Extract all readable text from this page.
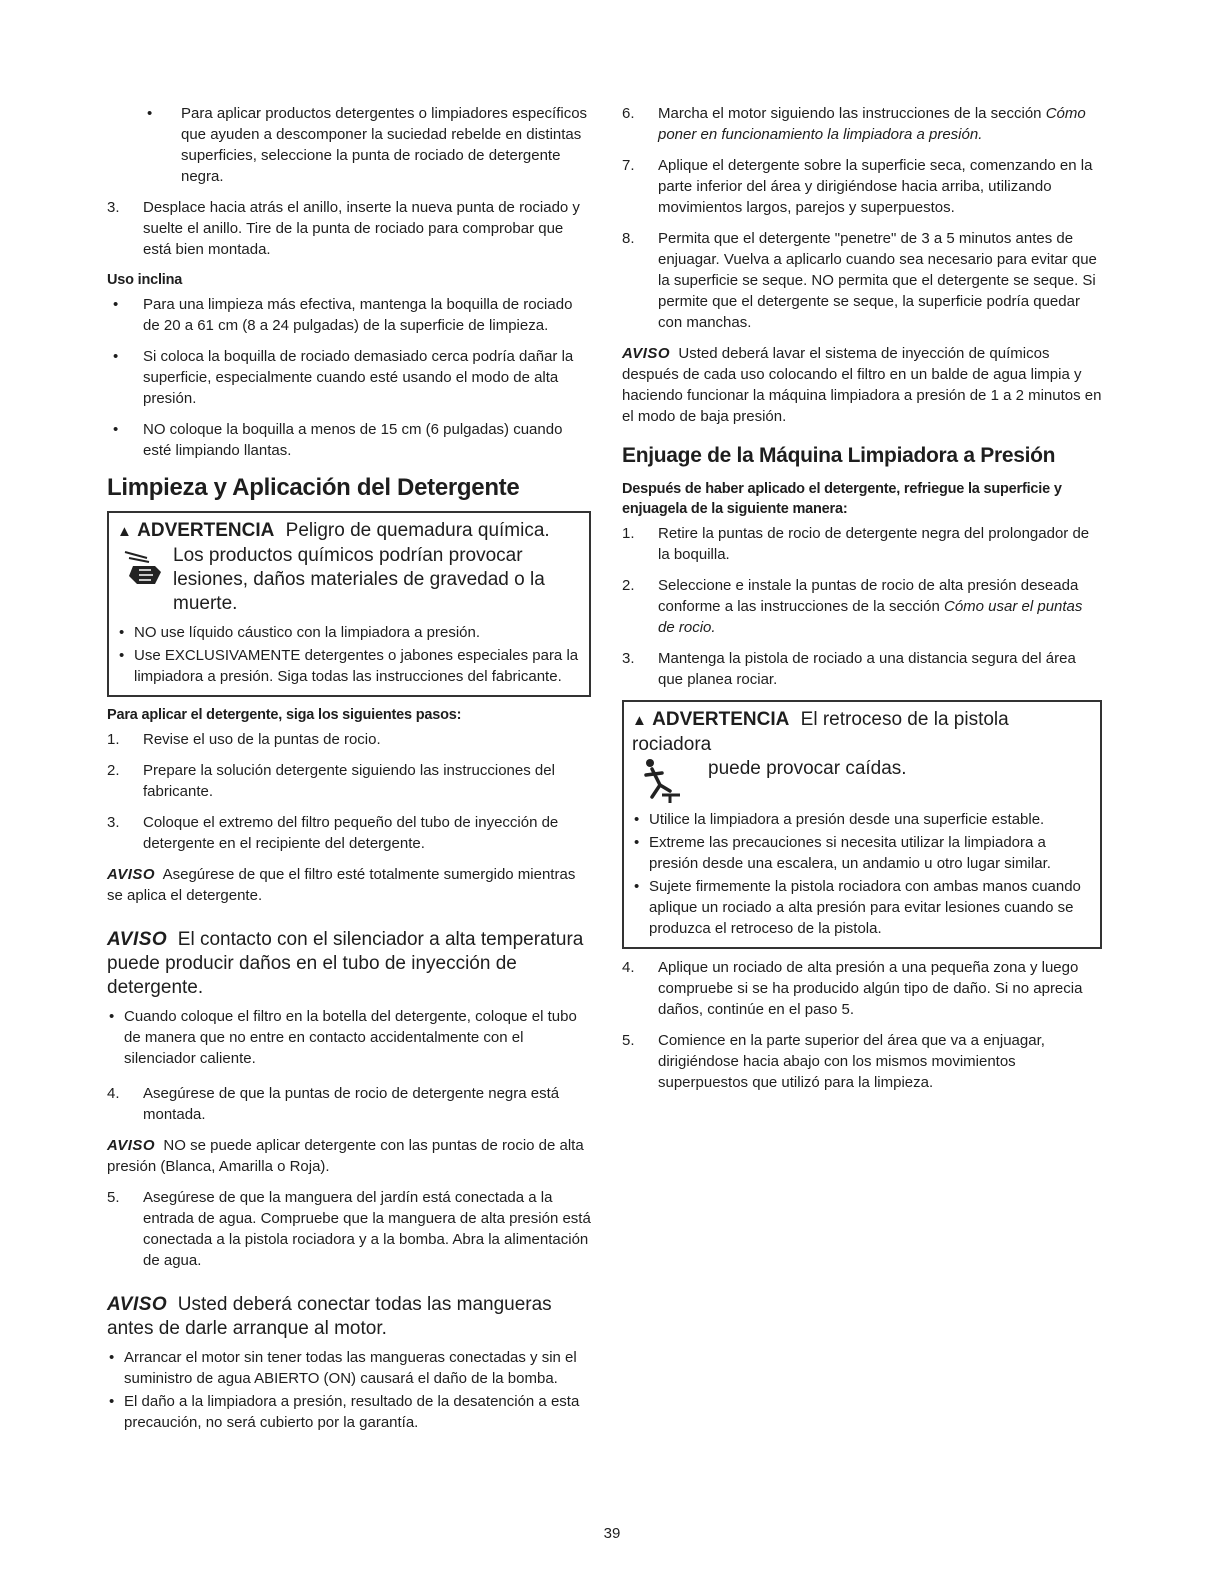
• Para aplicar productos detergentes o limpiadores específicos que ayuden a descomponer la suciedad rebelde en distintas superficies, seleccione la punta de rociado de detergente negra.
3. Desplace hacia atrás el anillo, inserte la nueva punta de rociado y suelte el anillo. Tire de la punta de rociado para comprobar que está bien montada.
Uso inclina
• Para una limpieza más efectiva, mantenga la boquilla de rociado de 20 a 61 cm (8 a 24 pulgadas) de la superficie de limpieza.
• Si coloca la boquilla de rociado demasiado cerca podría dañar la superficie, especialmente cuando esté usando el modo de alta presión.
• NO coloque la boquilla a menos de 15 cm (6 pulgadas) cuando esté limpiando llantas.
Limpieza y Aplicación del Detergente
▲ ADVERTENCIA Peligro de quemadura química.
Los productos químicos podrían provocar lesiones, daños materiales de gravedad o la muerte.
• NO use líquido cáustico con la limpiadora a presión.
• Use EXCLUSIVAMENTE detergentes o jabones especiales para la limpiadora a presión. Siga todas las instrucciones del fabricante.
Para aplicar el detergente, siga los siguientes pasos:
1. Revise el uso de la puntas de rocio.
2. Prepare la solución detergente siguiendo las instrucciones del fabricante.
3. Coloque el extremo del filtro pequeño del tubo de inyección de detergente en el recipiente del detergente.

AVISO Asegúrese de que el filtro esté totalmente sumergido mientras se aplica el detergente.

AVISO El contacto con el silenciador a alta temperatura puede producir daños en el tubo de inyección de detergente.

• Cuando coloque el filtro en la botella del detergente, coloque el tubo de manera que no entre en contacto accidentalmente con el silenciador caliente.
4. Asegúrese de que la puntas de rocio de detergente negra está montada.

AVISO NO se puede aplicar detergente con las puntas de rocio de alta presión (Blanca, Amarilla o Roja).

5. Asegúrese de que la manguera del jardín está conectada a la entrada de agua. Compruebe que la manguera de alta presión está conectada a la pistola rociadora y a la bomba. Abra la alimentación de agua.

AVISO Usted deberá conectar todas las mangueras antes de darle arranque al motor.

• Arrancar el motor sin tener todas las mangueras conectadas y sin el suministro de agua ABIERTO (ON) causará el daño de la bomba.
• El daño a la limpiadora a presión, resultado de la desatención a esta precaución, no será cubierto por la garantía.
6. Marcha el motor siguiendo las instrucciones de la sección Cómo poner en funcionamiento la limpiadora a presión.
7. Aplique el detergente sobre la superficie seca, comenzando en la parte inferior del área y dirigiéndose hacia arriba, utilizando movimientos largos, parejos y superpuestos.
8. Permita que el detergente "penetre" de 3 a 5 minutos antes de enjuagar. Vuelva a aplicarlo cuando sea necesario para evitar que la superficie se seque. NO permita que el detergente se seque. Si permite que el detergente se seque, la superficie podría quedar con manchas.

AVISO Usted deberá lavar el sistema de inyección de químicos después de cada uso colocando el filtro en un balde de agua limpia y haciendo funcionar la máquina limpiadora a presión de 1 a 2 minutos en el modo de baja presión.

Enjuage de la Máquina Limpiadora a Presión
Después de haber aplicado el detergente, refriegue la superficie y enjuagela de la siguiente manera:
1. Retire la puntas de rocio de detergente negra del prolongador de la boquilla.
2. Seleccione e instale la puntas de rocio de alta presión deseada conforme a las instrucciones de la sección Cómo usar el puntas de rocio.
3. Mantenga la pistola de rociado a una distancia segura del área que planea rociar.
▲ ADVERTENCIA El retroceso de la pistola rociadora
puede provocar caídas.
• Utilice la limpiadora a presión desde una superficie estable.
• Extreme las precauciones si necesita utilizar la limpiadora a presión desde una escalera, un andamio u otro lugar similar.
• Sujete firmemente la pistola rociadora con ambas manos cuando aplique un rociado a alta presión para evitar lesiones cuando se produzca el retroceso de la pistola.
4. Aplique un rociado de alta presión a una pequeña zona y luego compruebe si se ha producido algún tipo de daño. Si no aprecia daños, continúe en el paso 5.
5. Comience en la parte superior del área que va a enjuagar, dirigiéndose hacia abajo con los mismos movimientos superpuestos que utilizó para la limpieza.
39
